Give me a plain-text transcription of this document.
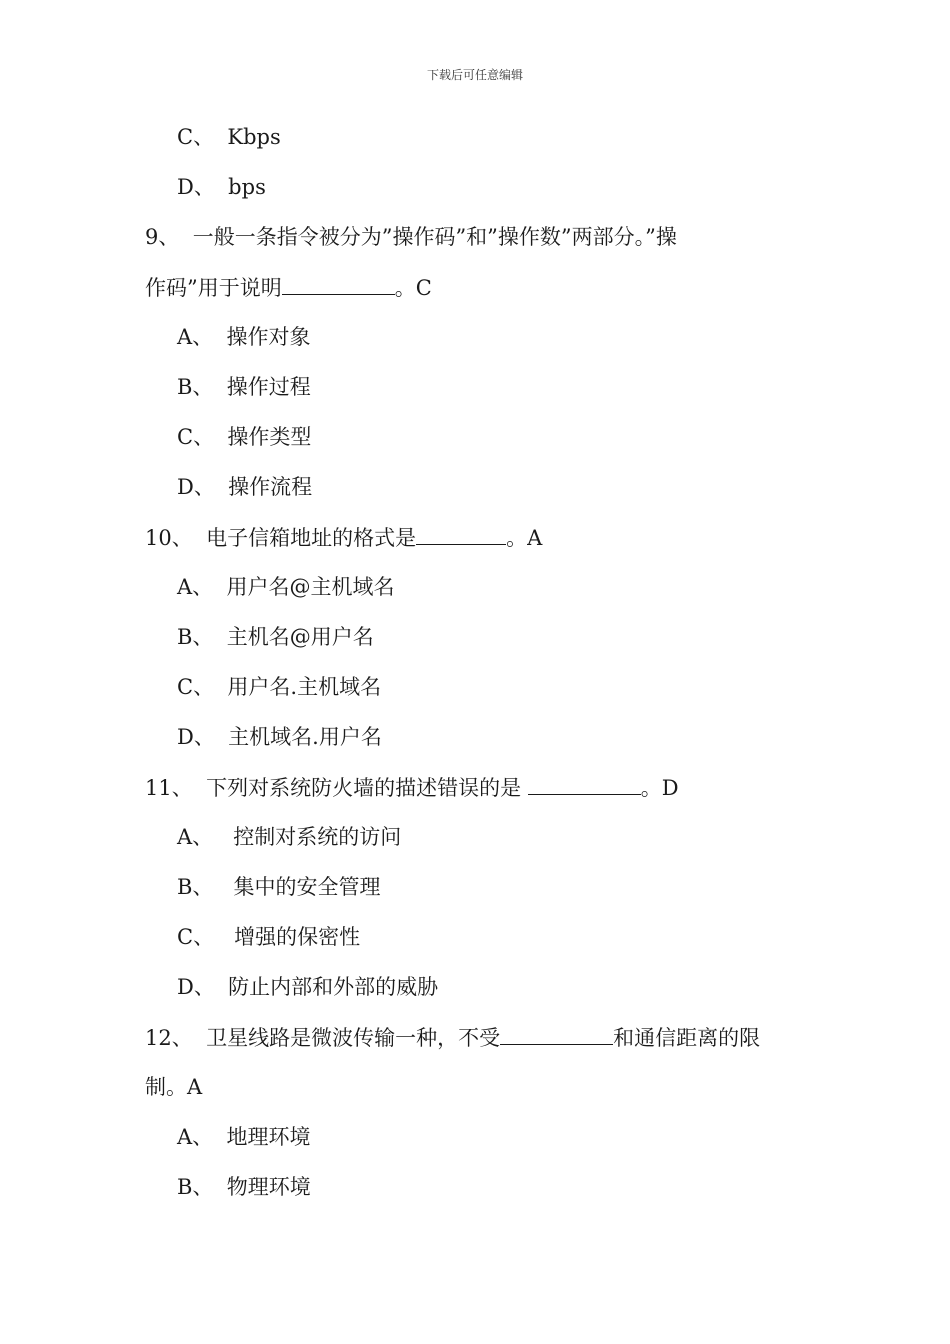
下载后可任意编辑
C、  Kbps
D、  bps
9、  一般一条指令被分为”操作码”和”操作数”两部分。”操
作码”用于说明	。C
A、  操作对象
B、  操作过程
C、  操作类型
D、  操作流程
10、  电子信箱地址的格式是	。A
A、  用户名@主机域名
B、  主机名@用户名
C、  用户名.主机域名
D、  主机域名.用户名
11、  下列对系统防火墙的描述错误的是	。D
A、   控制对系统的访问
B、   集中的安全管理
C、   增强的保密性
D、  防止内部和外部的威胁
12、  卫星线路是微波传输一种，不受	和通信距离的限
制。A
A、  地理环境
B、  物理环境
